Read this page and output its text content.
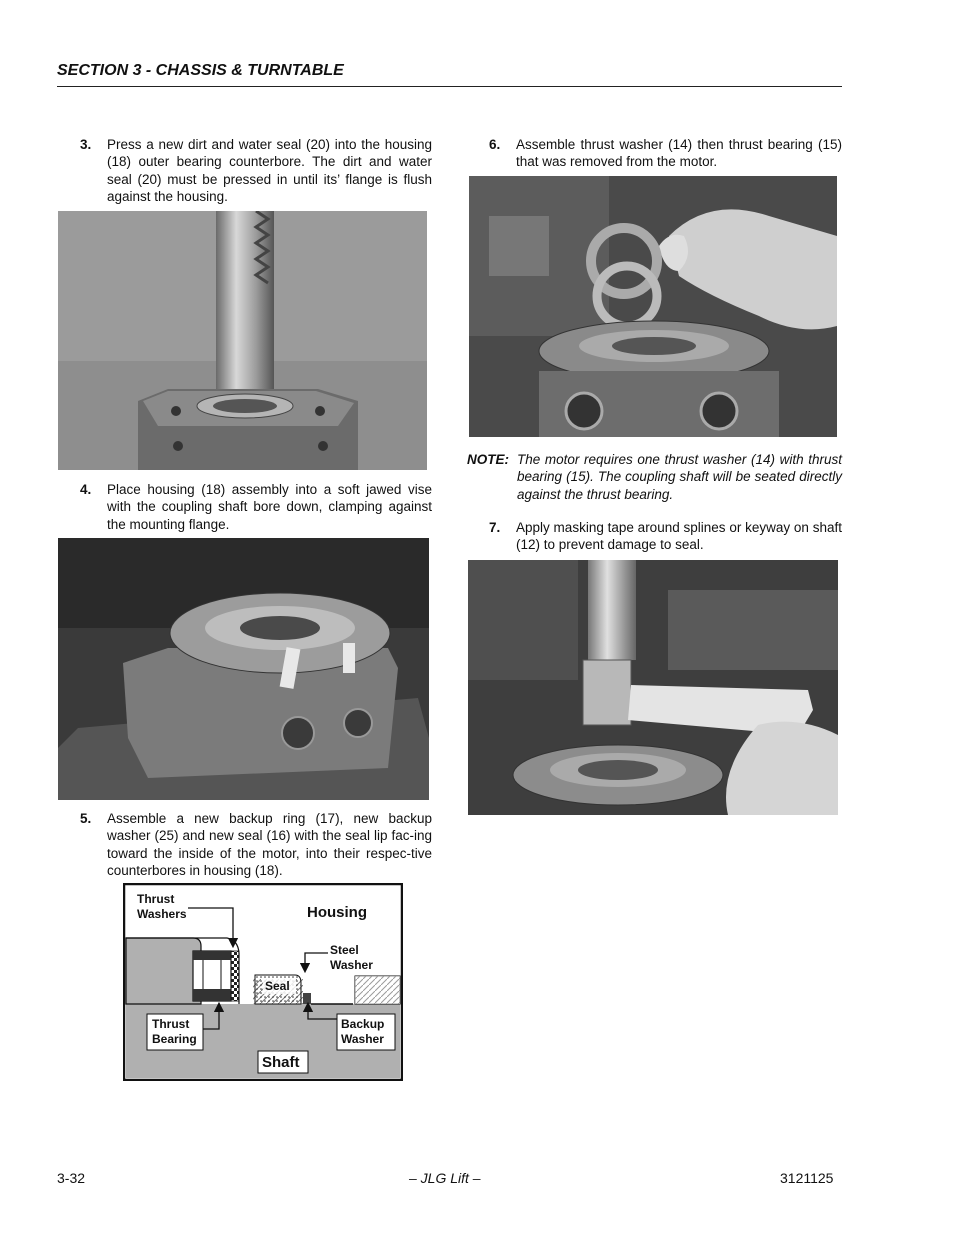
SECTION 3 - CHASSIS & TURNTABLE
3. Press a new dirt and water seal (20) into the housing (18) outer bearing counterbore. The dirt and water seal (20) must be pressed in until its’ flange is flush against the housing.
4. Place housing (18) assembly into a soft jawed vise with the coupling shaft bore down, clamping against the mounting flange.
5. Assemble a new backup ring (17), new backup washer (25) and new seal (16) with the seal lip fac-ing toward the inside of the motor, into their respec-tive counterbores in housing (18).
Thrust
Washers	Housing
Steel
Washer
Seal
Thrust
Bearing
Backup
Washer
Shaft
6. Assemble thrust washer (14) then thrust bearing (15) that was removed from the motor.
NOTE: The motor requires one thrust washer (14) with thrust bearing (15). The coupling shaft will be seated directly against the thrust bearing.
7. Apply masking tape around splines or keyway on shaft (12) to prevent damage to seal.
3-32	– JLG Lift –	3121125
